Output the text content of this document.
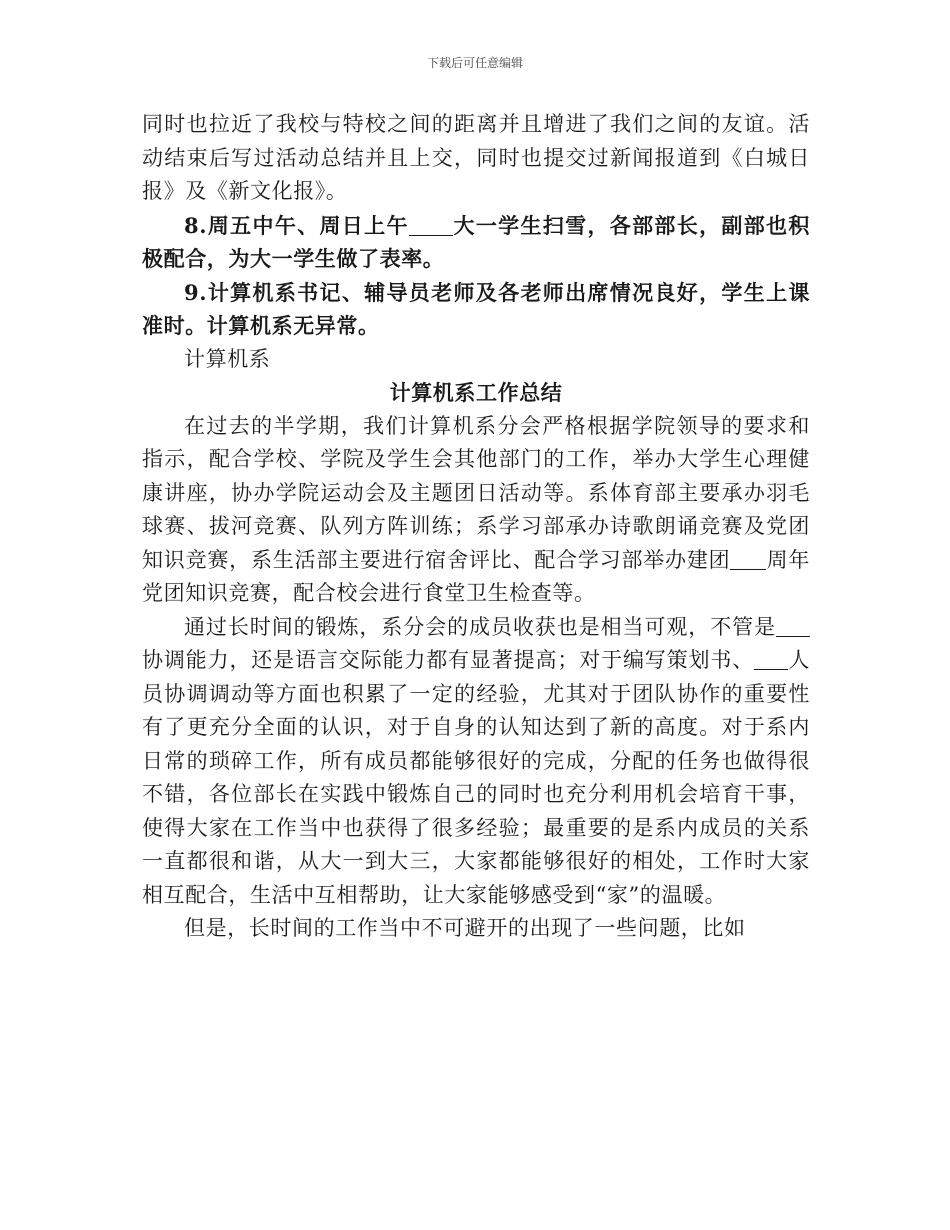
下载后可任意编辑

同时也拉近了我校与特校之间的距离并且增进了我们之间的友谊。活动结束后写过活动总结并且上交，同时也提交过新闻报道到《白城日报》及《新文化报》。

8.周五中午、周日上午 大一学生扫雪，各部部长，副部也积极配合，为大一学生做了表率。

9.计算机系书记、辅导员老师及各老师出席情况良好，学生上课准时。计算机系无异常。

计算机系

计算机系工作总结

在过去的半学期，我们计算机系分会严格根据学院领导的要求和指示，配合学校、学院及学生会其他部门的工作，举办大学生心理健康讲座，协办学院运动会及主题团日活动等。系体育部主要承办羽毛球赛、拔河竞赛、队列方阵训练；系学习部承办诗歌朗诵竞赛及党团知识竞赛，系生活部主要进行宿舍评比、配合学习部举办建团 周年党团知识竞赛，配合校会进行食堂卫生检查等。

通过长时间的锻炼，系分会的成员收获也是相当可观，不管是协调能力，还是语言交际能力都有显著提高；对于编写策划书、 人员协调调动等方面也积累了一定的经验，尤其对于团队协作的重要性有了更充分全面的认识，对于自身的认知达到了新的高度。对于系内日常的琐碎工作，所有成员都能够很好的完成，分配的任务也做得很不错，各位部长在实践中锻炼自己的同时也充分利用机会培育干事，使得大家在工作当中也获得了很多经验；最重要的是系内成员的关系一直都很和谐，从大一到大三，大家都能够很好的相处，工作时大家相互配合，生活中互相帮助，让大家能够感受到“家”的温暖。

但是，长时间的工作当中不可避开的出现了一些问题，比如
